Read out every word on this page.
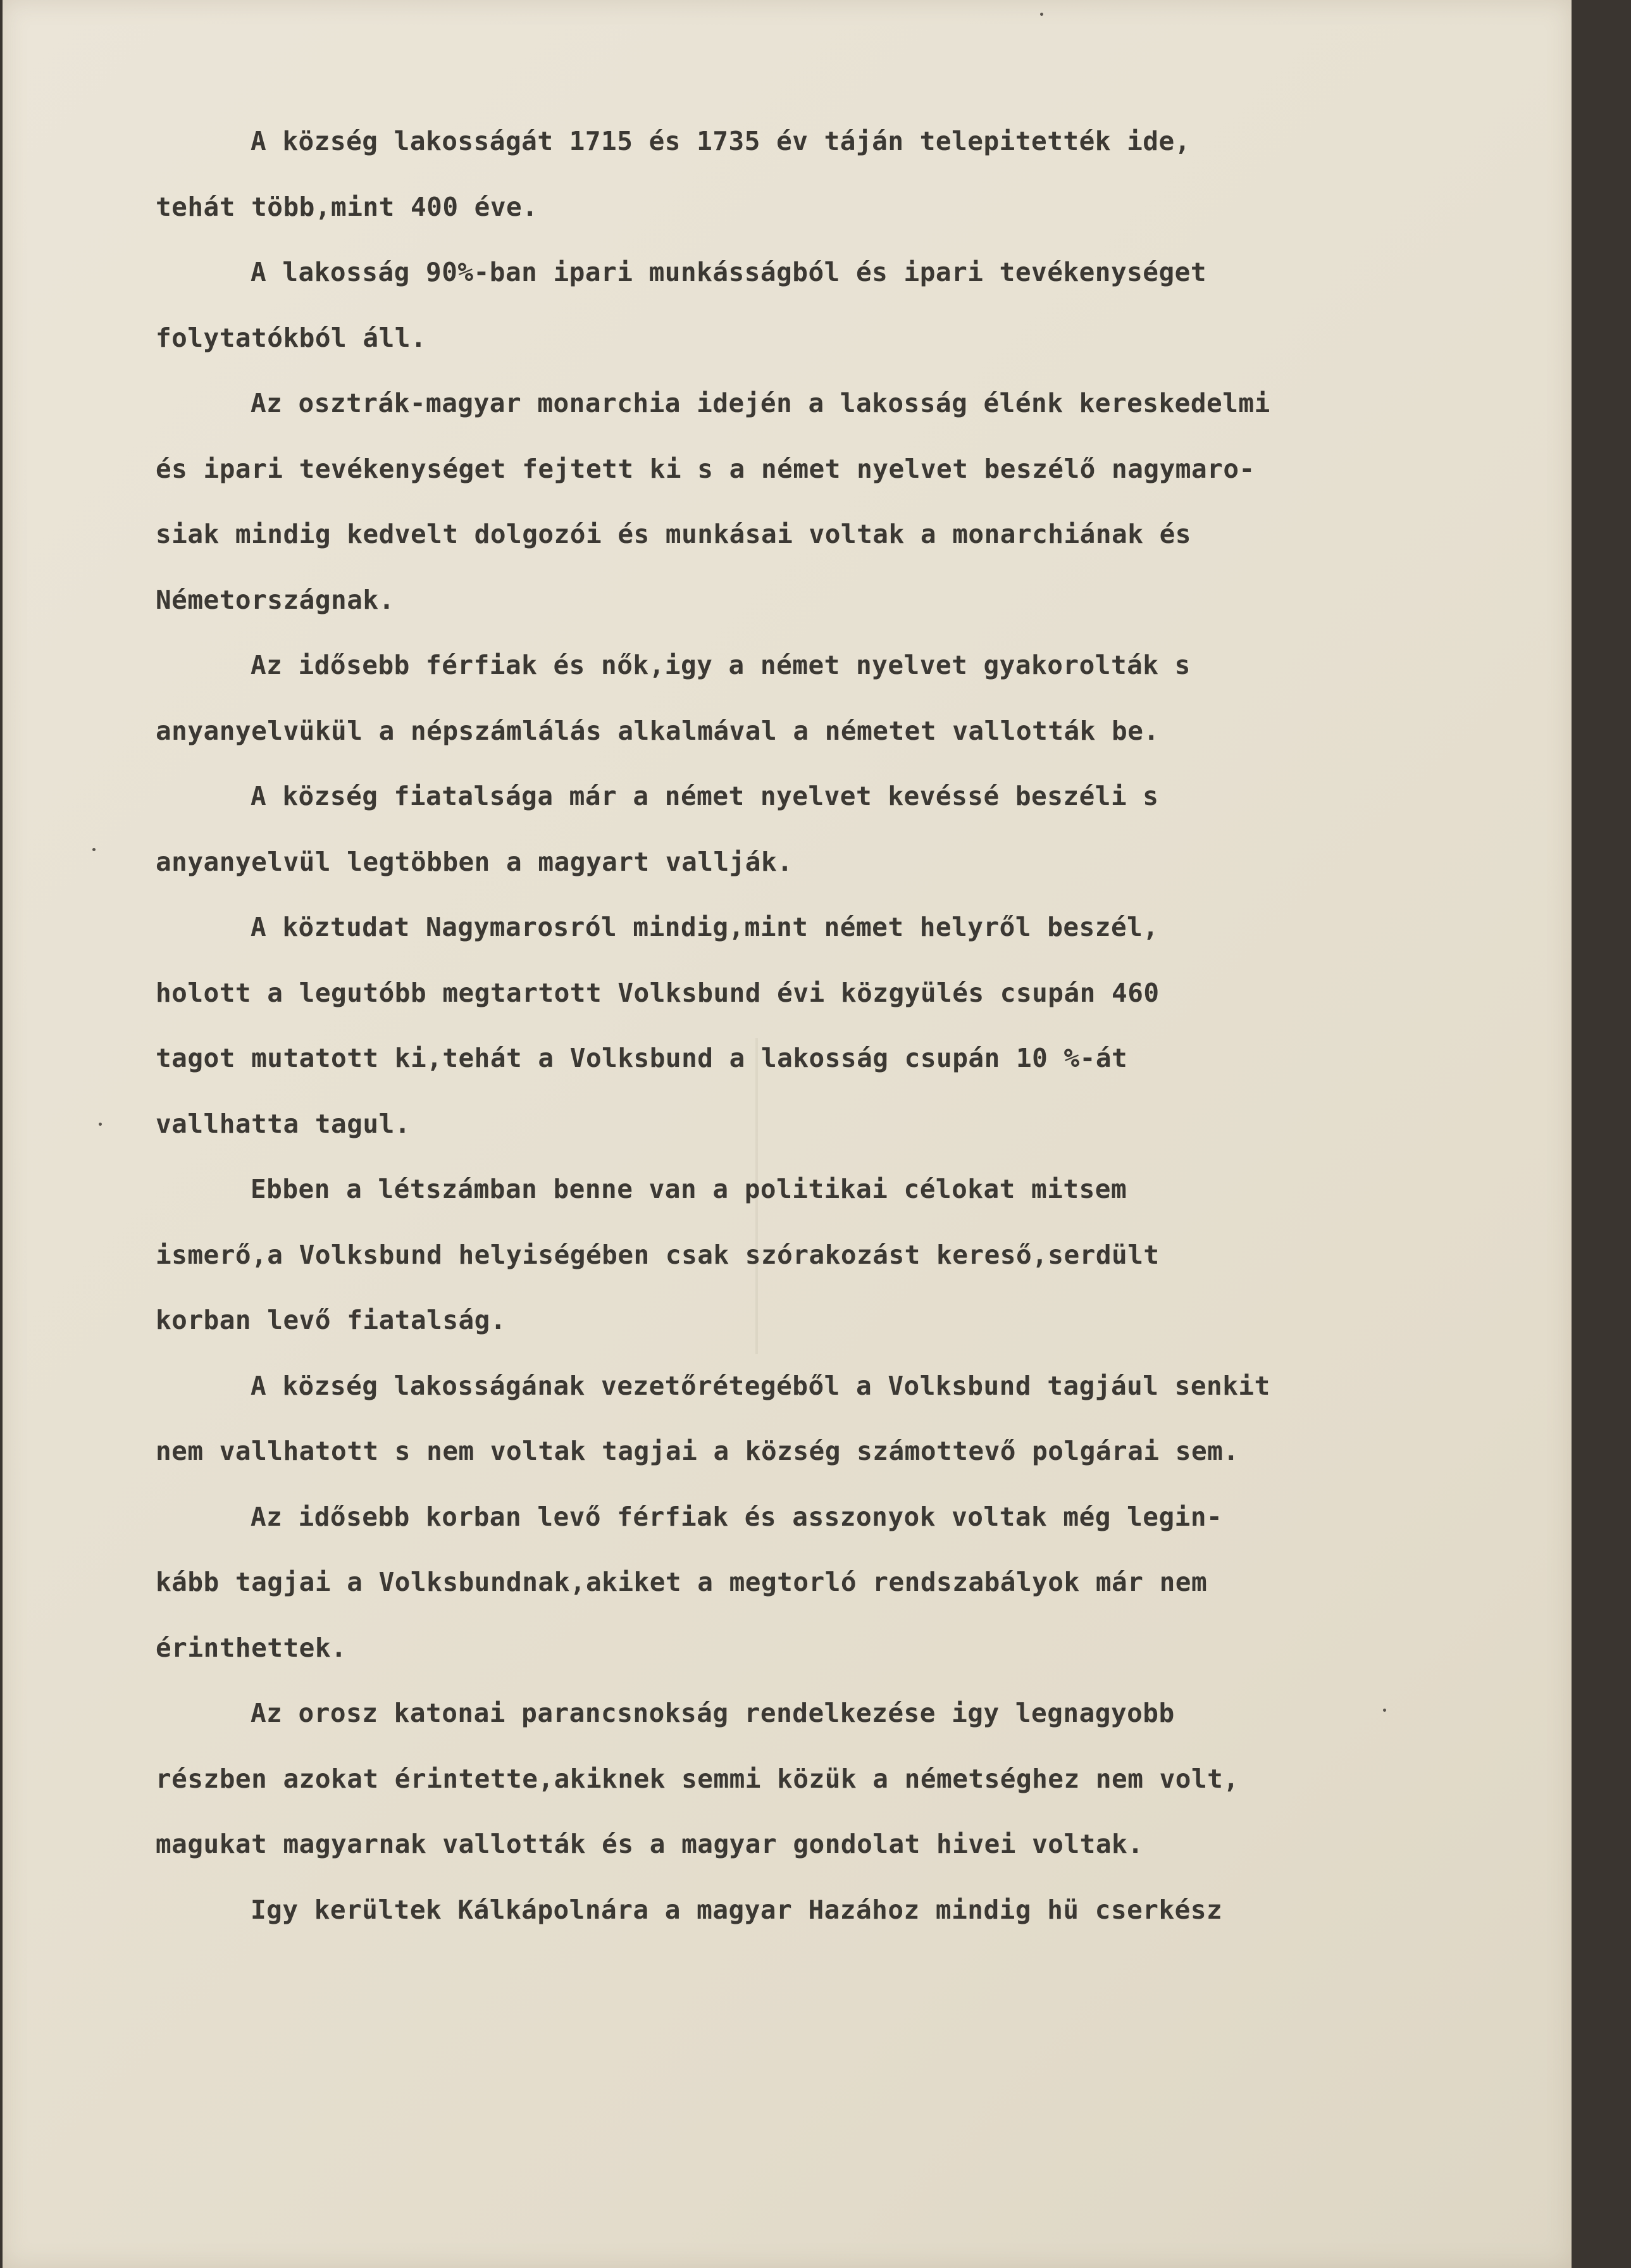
A község lakosságát 1715 és 1735 év táján telepitették ide,
tehát több,mint 400 éve.
A lakosság 90%-ban ipari munkásságból és ipari tevékenységet
folytatókból áll.
Az osztrák-magyar monarchia idején a lakosság élénk kereskedelmi
és ipari tevékenységet fejtett ki s a német nyelvet beszélő nagymaro-
siak mindig kedvelt dolgozói és munkásai voltak a monarchiának és
Németországnak.
Az idősebb férfiak és nők,igy a német nyelvet gyakorolták s
anyanyelvükül a népszámlálás alkalmával a németet vallották be.
A község fiatalsága már a német nyelvet kevéssé beszéli s
anyanyelvül legtöbben a magyart vallják.
A köztudat Nagymarosról mindig,mint német helyről beszél,
holott a legutóbb megtartott Volksbund évi közgyülés csupán 460
tagot mutatott ki,tehát a Volksbund a lakosság csupán 10 %-át
vallhatta tagul.
Ebben a létszámban benne van a politikai célokat mitsem
ismerő,a Volksbund helyiségében csak szórakozást kereső,serdült
korban levő fiatalság.
A község lakosságának vezetőrétegéből a Volksbund tagjául senkit
nem vallhatott s nem voltak tagjai a község számottevő polgárai sem.
Az idősebb korban levő férfiak és asszonyok voltak még legin-
kább tagjai a Volksbundnak,akiket a megtorló rendszabályok már nem
érinthettek.
Az orosz katonai parancsnokság rendelkezése igy legnagyobb
részben azokat érintette,akiknek semmi közük a németséghez nem volt,
magukat magyarnak vallották és a magyar gondolat hivei voltak.
Igy kerültek Kálkápolnára a magyar Hazához mindig hü cserkész
